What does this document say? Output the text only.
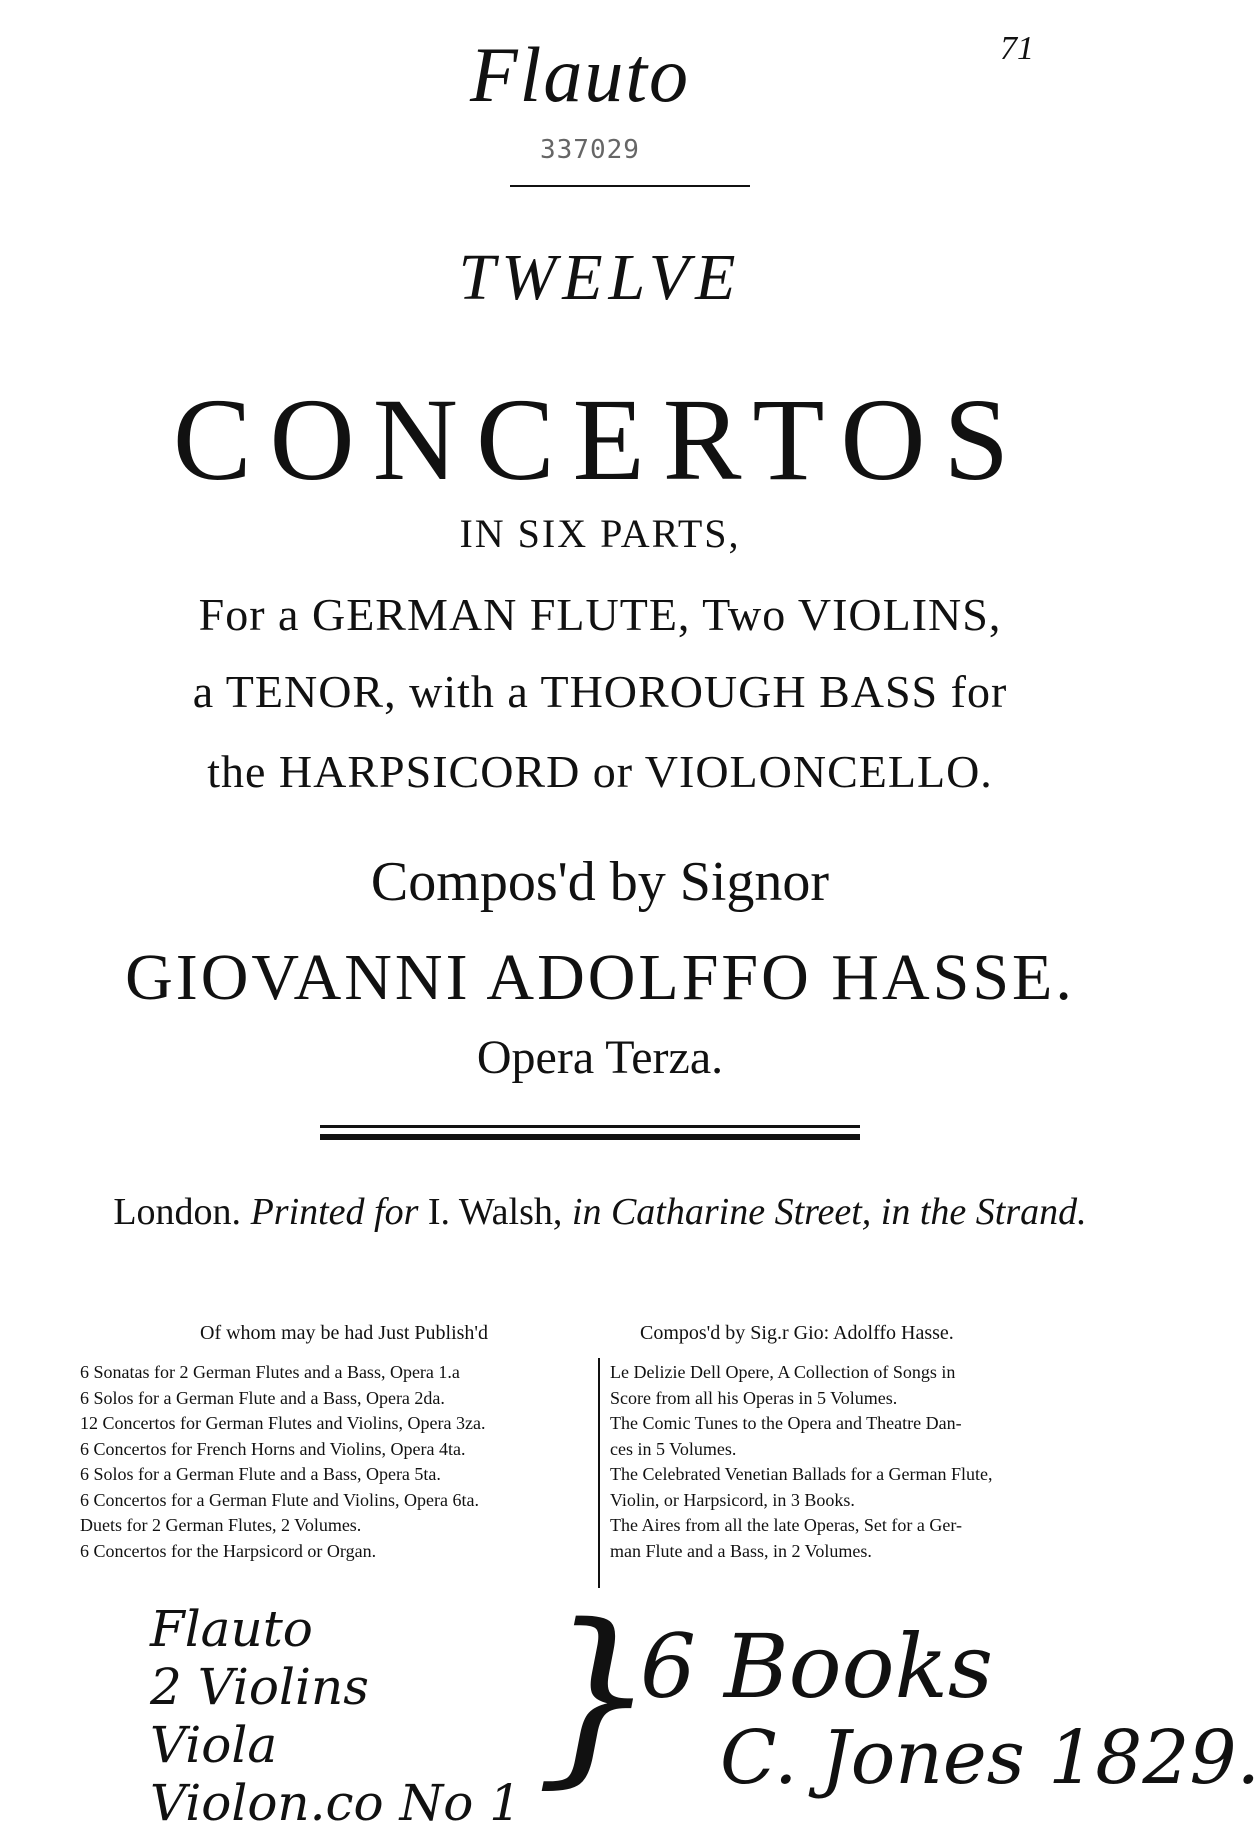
Flauto
337029
71
TWELVE
CONCERTOS
IN SIX PARTS,
For a GERMAN FLUTE, Two VIOLINS,
a TENOR, with a THOROUGH BASS for
the HARPSICORD or VIOLONCELLO.
Compos'd by Signor
GIOVANNI ADOLFFO HASSE.
Opera Terza.
London. Printed for I. Walsh, in Catharine Street, in the Strand.
Of whom may be had Just Publish'd	Compos'd by Sig.r Gio: Adolffo Hasse.
6 Sonatas for 2 German Flutes and a Bass, Opera 1.a
6 Solos for a German Flute and a Bass, Opera 2da.
12 Concertos for German Flutes and Violins, Opera 3za.
6 Concertos for French Horns and Violins, Opera 4ta.
6 Solos for a German Flute and a Bass, Opera 5ta.
6 Concertos for a German Flute and Violins, Opera 6ta.
Duets for 2 German Flutes, 2 Volumes.
6 Concertos for the Harpsicord or Organ.
Le Delizie Dell Opere, A Collection of Songs in
Score from all his Operas in 5 Volumes.
The Comic Tunes to the Opera and Theatre Dan-
ces in 5 Volumes.
The Celebrated Venetian Ballads for a German Flute,
Violin, or Harpsicord, in 3 Books.
The Aires from all the late Operas, Set for a Ger-
man Flute and a Bass, in 2 Volumes.
Flauto
2 Violins
Viola
Violon.co No 1 }
6 Books
C. Jones 1829.
